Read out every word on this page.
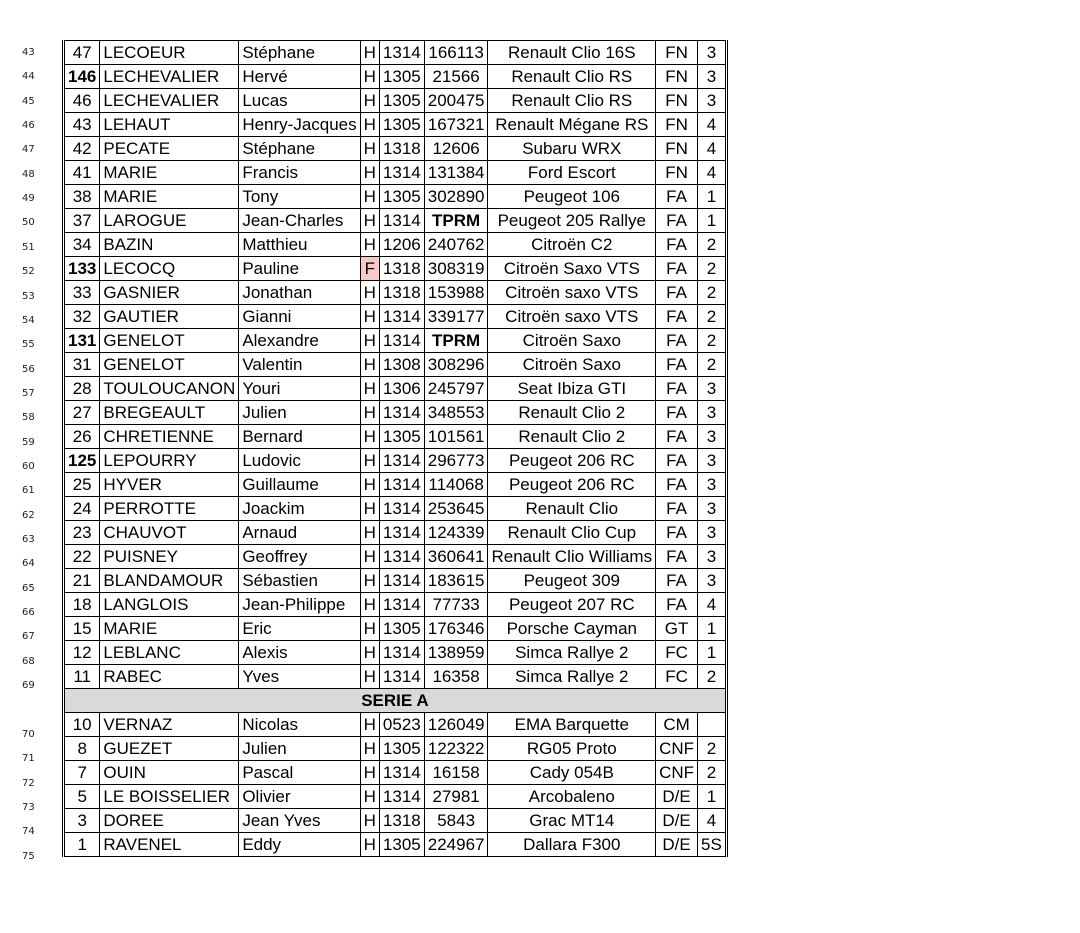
43
44
45
46
47
48
49
50
51
52
53
54
55
56
57
58
59
60
61
62
63
64
65
66
67
68
69
70
71
72
73
74
75
47	LECOEUR	Stéphane	H	1314	166113	Renault Clio 16S	FN	3
146	LECHEVALIER	Hervé	H	1305	21566	Renault Clio RS	FN	3
46	LECHEVALIER	Lucas	H	1305	200475	Renault Clio RS	FN	3
43	LEHAUT	Henry-Jacques	H	1305	167321	Renault Mégane RS	FN	4
42	PECATE	Stéphane	H	1318	12606	Subaru WRX	FN	4
41	MARIE	Francis	H	1314	131384	Ford Escort	FN	4
38	MARIE	Tony	H	1305	302890	Peugeot 106	FA	1
37	LAROGUE	Jean-Charles	H	1314	TPRM	Peugeot 205 Rallye	FA	1
34	BAZIN	Matthieu	H	1206	240762	Citroën C2	FA	2
133	LECOCQ	Pauline	F	1318	308319	Citroën Saxo VTS	FA	2
33	GASNIER	Jonathan	H	1318	153988	Citroën saxo VTS	FA	2
32	GAUTIER	Gianni	H	1314	339177	Citroën saxo VTS	FA	2
131	GENELOT	Alexandre	H	1314	TPRM	Citroën Saxo	FA	2
31	GENELOT	Valentin	H	1308	308296	Citroën Saxo	FA	2
28	TOULOUCANON	Youri	H	1306	245797	Seat Ibiza GTI	FA	3
27	BREGEAULT	Julien	H	1314	348553	Renault Clio 2	FA	3
26	CHRETIENNE	Bernard	H	1305	101561	Renault Clio 2	FA	3
125	LEPOURRY	Ludovic	H	1314	296773	Peugeot 206 RC	FA	3
25	HYVER	Guillaume	H	1314	114068	Peugeot 206 RC	FA	3
24	PERROTTE	Joackim	H	1314	253645	Renault Clio	FA	3
23	CHAUVOT	Arnaud	H	1314	124339	Renault Clio Cup	FA	3
22	PUISNEY	Geoffrey	H	1314	360641	Renault Clio Williams	FA	3
21	BLANDAMOUR	Sébastien	H	1314	183615	Peugeot 309	FA	3
18	LANGLOIS	Jean-Philippe	H	1314	77733	Peugeot 207 RC	FA	4
15	MARIE	Eric	H	1305	176346	Porsche Cayman	GT	1
12	LEBLANC	Alexis	H	1314	138959	Simca Rallye 2	FC	1
11	RABEC	Yves	H	1314	16358	Simca Rallye 2	FC	2
SERIE A								
10	VERNAZ	Nicolas	H	0523	126049	EMA Barquette	CM	
8	GUEZET	Julien	H	1305	122322	RG05 Proto	CNF	2
7	OUIN	Pascal	H	1314	16158	Cady 054B	CNF	2
5	LE BOISSELIER	Olivier	H	1314	27981	Arcobaleno	D/E	1
3	DOREE	Jean Yves	H	1318	5843	Grac MT14	D/E	4
1	RAVENEL	Eddy	H	1305	224967	Dallara F300	D/E	5S
